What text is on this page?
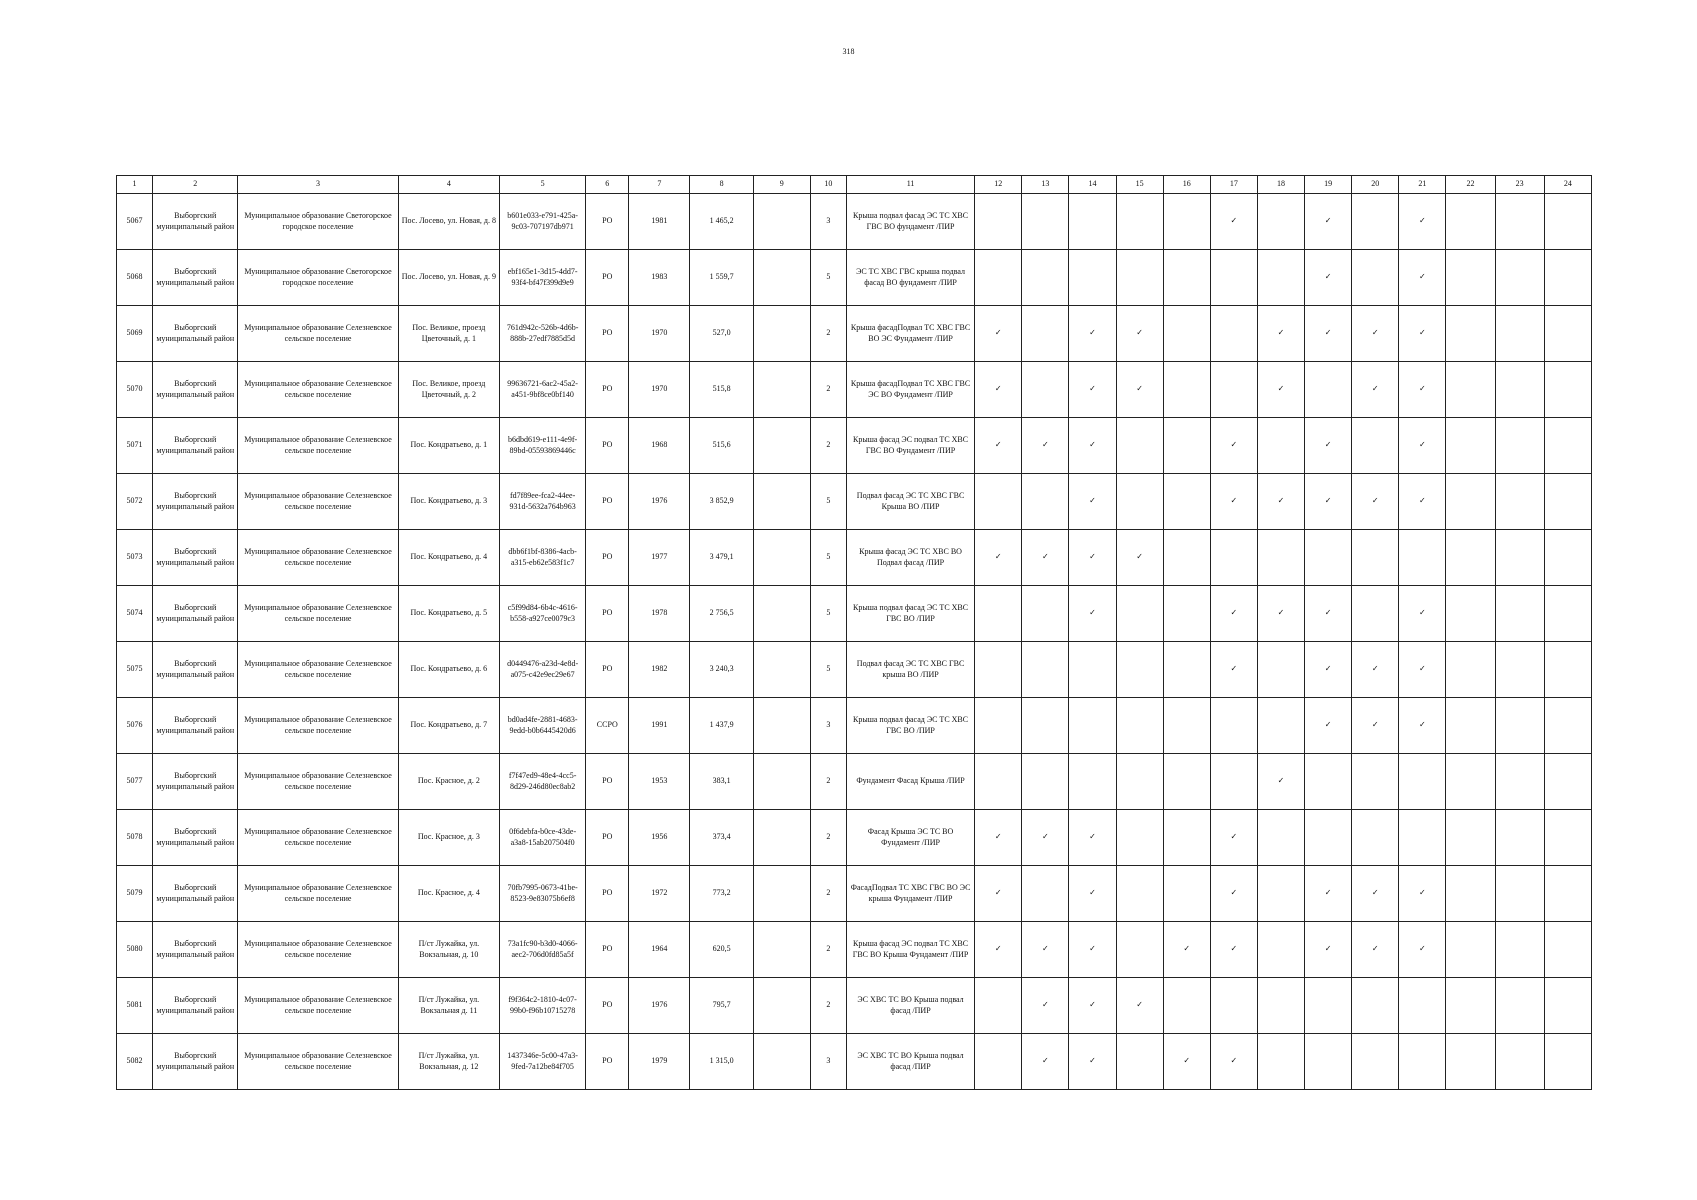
318
1	2	3	4	5	6	7	8	9	10	11	12	13	14	15	16	17	18	19	20	21	22	23	24
5067	Выборгский муниципальный район	Муниципальное образование Светогорское городское поселение	Пос. Лосево, ул. Новая, д. 8	b601e033-e791-425a-9c03-707197db971	РО	1981	1 465,2		3	Крыша подвал фасад ЭС ТС ХВС ГВС ВО фундамент /ПИР						✓		✓		✓			
5068	Выборгский муниципальный район	Муниципальное образование Светогорское городское поселение	Пос. Лосево, ул. Новая, д. 9	ebf165e1-3d15-4dd7-93f4-bf47f399d9e9	РО	1983	1 559,7		5	ЭС ТС ХВС ГВС крыша подвал фасад ВО фундамент /ПИР								✓		✓			
5069	Выборгский муниципальный район	Муниципальное образование Селезневское сельское поселение	Пос. Великое, проезд Цветочный, д. 1	761d942c-526b-4d6b-888b-27edf7885d5d	РО	1970	527,0		2	Крыша фасадПодвал ТС ХВС ГВС ВО ЭС Фундамент /ПИР	✓		✓	✓			✓	✓	✓	✓			
5070	Выборгский муниципальный район	Муниципальное образование Селезневское сельское поселение	Пос. Великое, проезд Цветочный, д. 2	99636721-6ac2-45a2-a451-9bf8ce0bf140	РО	1970	515,8		2	Крыша фасадПодвал ТС ХВС ГВС ЭС ВО Фундамент /ПИР	✓		✓	✓			✓		✓	✓			
5071	Выборгский муниципальный район	Муниципальное образование Селезневское сельское поселение	Пос. Кондратьево, д. 1	b6dbd619-e111-4e9f-89bd-05593869446c	РО	1968	515,6		2	Крыша фасад ЭС подвал ТС ХВС ГВС ВО Фундамент /ПИР	✓	✓	✓			✓		✓		✓			
5072	Выборгский муниципальный район	Муниципальное образование Селезневское сельское поселение	Пос. Кондратьево, д. 3	fd7f89ee-fca2-44ee-931d-5632a764b963	РО	1976	3 852,9		5	Подвал фасад ЭС ТС ХВС ГВС Крыша ВО /ПИР			✓			✓	✓	✓	✓	✓			
5073	Выборгский муниципальный район	Муниципальное образование Селезневское сельское поселение	Пос. Кондратьево, д. 4	dbb6f1bf-8386-4acb-a315-eb62e583f1c7	РО	1977	3 479,1		5	Крыша фасад ЭС ТС ХВС ВО Подвал фасад /ПИР	✓	✓	✓	✓									
5074	Выборгский муниципальный район	Муниципальное образование Селезневское сельское поселение	Пос. Кондратьево, д. 5	c5f99d84-6b4c-4616-b558-a927ce0079c3	РО	1978	2 756,5		5	Крыша подвал фасад ЭС ТС ХВС ГВС ВО /ПИР			✓			✓	✓	✓		✓			
5075	Выборгский муниципальный район	Муниципальное образование Селезневское сельское поселение	Пос. Кондратьево, д. 6	d0449476-a23d-4e8d-a075-c42e9ec29e67	РО	1982	3 240,3		5	Подвал фасад ЭС ТС ХВС ГВС крыша ВО /ПИР						✓		✓	✓	✓			
5076	Выборгский муниципальный район	Муниципальное образование Селезневское сельское поселение	Пос. Кондратьево, д. 7	bd0ad4fe-2881-4683-9edd-b0b6445420d6	ССРО	1991	1 437,9		3	Крыша подвал фасад ЭС ТС ХВС ГВС ВО /ПИР								✓	✓	✓			
5077	Выборгский муниципальный район	Муниципальное образование Селезневское сельское поселение	Пос. Красное, д. 2	f7f47ed9-48e4-4cc5-8d29-246d80ec8ab2	РО	1953	383,1		2	Фундамент Фасад Крыша /ПИР							✓						
5078	Выборгский муниципальный район	Муниципальное образование Селезневское сельское поселение	Пос. Красное, д. 3	0f6debfa-b0ce-43de-a3a8-15ab207504f0	РО	1956	373,4		2	Фасад Крыша ЭС ТС ВО Фундамент /ПИР	✓	✓	✓			✓							
5079	Выборгский муниципальный район	Муниципальное образование Селезневское сельское поселение	Пос. Красное, д. 4	70fb7995-0673-41be-8523-9e83075b6ef8	РО	1972	773,2		2	ФасадПодвал ТС ХВС ГВС ВО ЭС крыша Фундамент /ПИР	✓		✓			✓		✓	✓	✓			
5080	Выборгский муниципальный район	Муниципальное образование Селезневское сельское поселение	П/ст Лужайка, ул. Вокзальная, д. 10	73a1fc90-b3d0-4066-aec2-706d0fd85a5f	РО	1964	620,5		2	Крыша фасад ЭС подвал ТС ХВС ГВС ВО Крыша Фундамент /ПИР	✓	✓	✓		✓	✓		✓	✓	✓			
5081	Выборгский муниципальный район	Муниципальное образование Селезневское сельское поселение	П/ст Лужайка, ул. Вокзальная д. 11	f9f364c2-1810-4c07-99b0-f96b10715278	РО	1976	795,7		2	ЭС ХВС ТС ВО Крыша подвал фасад /ПИР		✓	✓	✓									
5082	Выборгский муниципальный район	Муниципальное образование Селезневское сельское поселение	П/ст Лужайка, ул. Вокзальная, д. 12	1437346e-5c00-47a3-9fed-7a12be84f705	РО	1979	1 315,0		3	ЭС ХВС ТС ВО Крыша подвал фасад /ПИР		✓	✓		✓	✓							
